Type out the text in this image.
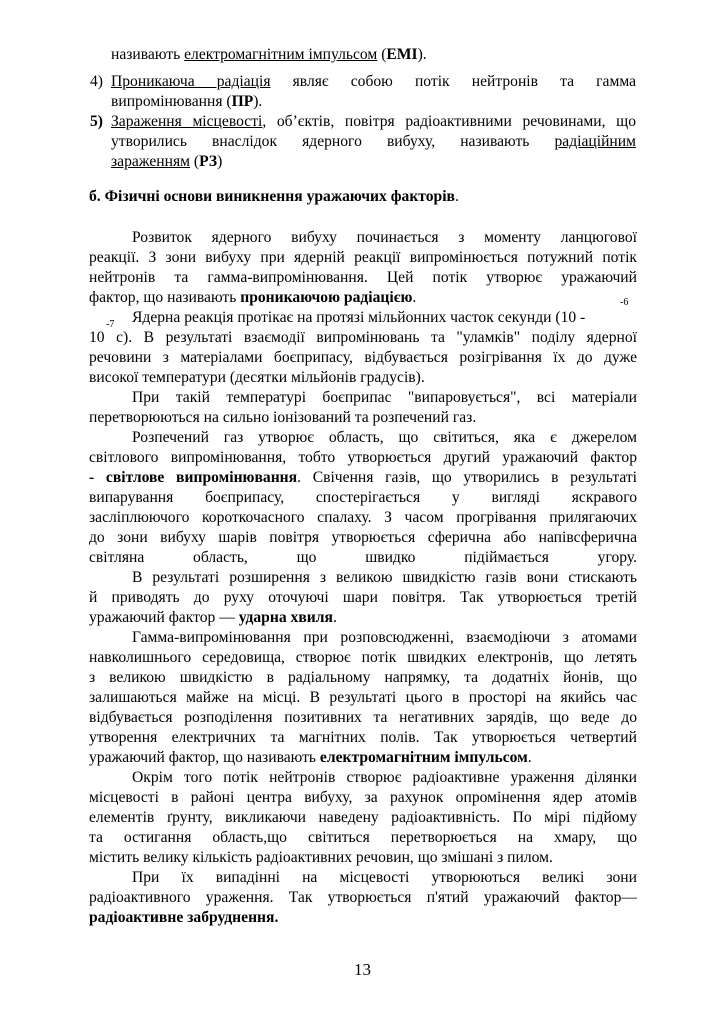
називають електромагнітним імпульсом (ЕМІ).

4) Проникаюча радіація являє собою потік нейтронів та гамма

випромінювання (ПР).

5) Зараження місцевості, об’єктів, повітря радіоактивними речовинами, що

утворились внаслідок ядерного вибуху, називають радіаційним

зараженням (РЗ)

б. Фізичні основи виникнення уражаючих факторів.

Розвиток ядерного вибуху починається з моменту ланцюгової

реакції. З зони вибуху при ядерній реакції випромінюється потужний потік

нейтронів та гамма-випромінювання. Цей потік утворює уражаючий

фактор, що називають проникаючою радіацією.	-6
-7	Ядерна реакція протікає на протязі мільйонних часток секунди (10 -

10 с). В результаті взаємодії випромінювань та "уламків" поділу ядерної

речовини з матеріалами боєприпасу, відбувається розігрівання їх до дуже

високої температури (десятки мільйонів градусів).

При такій температурі боєприпас "випаровується", всі матеріали

перетворюються на сильно іонізований та розпечений газ.

Розпечений газ утворює область, що світиться, яка є джерелом

світлового випромінювання, тобто утворюється другий уражаючий фактор

- світлове випромінювання. Свічення газів, що утворились в результаті

випарування боєприпасу, спостерігається у вигляді яскравого

засліплюючого короткочасного спалаху. З часом прогрівання прилягаючих

до зони вибуху шарів повітря утворюється сферична або напівсферична

світляна область, що швидко підіймається угору.

В результаті розширення з великою швидкістю газів вони стискають

й приводять до руху оточуючі шари повітря. Так утворюється третій

уражаючий фактор — ударна хвиля.

Гамма-випромінювання при розповсюдженні, взаємодіючи з атомами

навколишнього середовища, створює потік швидких електронів, що летять

з великою швидкістю в радіальному напрямку, та додатніх йонів, що

залишаються майже на місці. В результаті цього в просторі на якийсь час

відбувається розподілення позитивних та негативних зарядів, що веде до

утворення електричних та магнітних полів. Так утворюється четвертий

уражаючий фактор, що називають електромагнітним імпульсом.

Окрім того потік нейтронів створює радіоактивне ураження ділянки

місцевості в районі центра вибуху, за рахунок опромінення ядер атомів

елементів ґрунту, викликаючи наведену радіоактивність. По мірі підйому

та остигання область,що світиться перетворюється на хмару, що

містить велику кількість радіоактивних речовин, що змішані з пилом.

При їх випадінні на місцевості утворюються великі зони

радіоактивного ураження. Так утворюється п'ятий уражаючий фактор—

радіоактивне забруднення.

13
